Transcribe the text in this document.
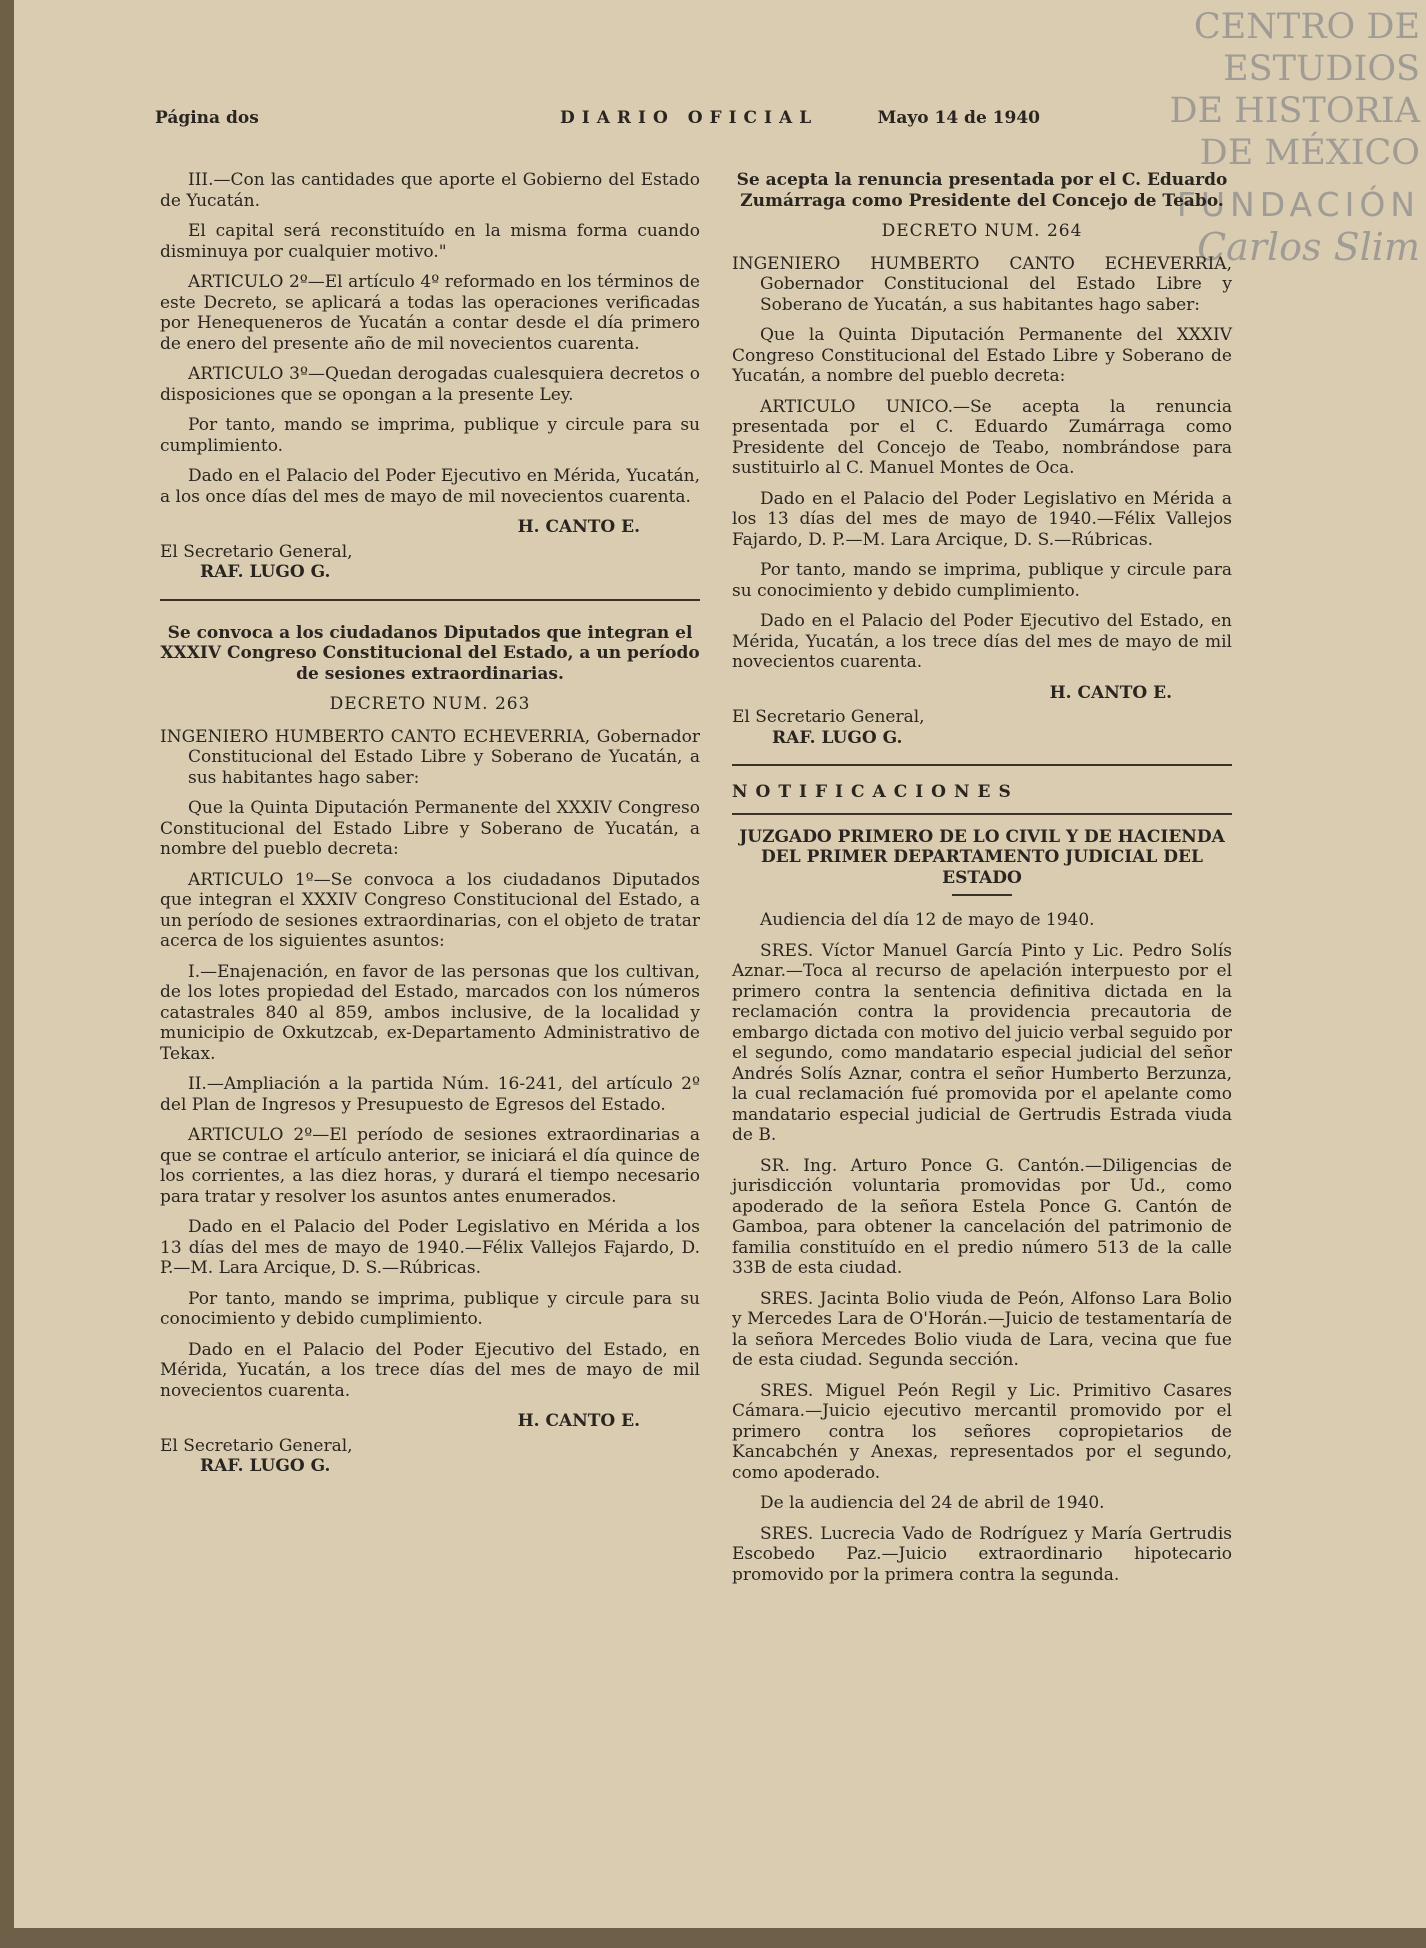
CENTRO DE
ESTUDIOS
DE HISTORIA
DE MÉXICO
FUNDACIÓN
Carlos Slim
Página dos	DIARIO OFICIAL	Mayo 14 de 1940

III.—Con las cantidades que aporte el Gobierno del Estado de Yucatán.

El capital será reconstituído en la misma forma cuando disminuya por cualquier motivo."

ARTICULO 2º—El artículo 4º reformado en los términos de este Decreto, se aplicará a todas las operaciones verificadas por Henequeneros de Yucatán a contar desde el día primero de enero del presente año de mil novecientos cuarenta.

ARTICULO 3º—Quedan derogadas cualesquiera decretos o disposiciones que se opongan a la presente Ley.

Por tanto, mando se imprima, publique y circule para su cumplimiento.

Dado en el Palacio del Poder Ejecutivo en Mérida, Yucatán, a los once días del mes de mayo de mil novecientos cuarenta.

H. CANTO E.

El Secretario General,

RAF. LUGO G.

Se convoca a los ciudadanos Diputados que integran el XXXIV Congreso Constitucional del Estado, a un período de sesiones extraordinarias.

DECRETO NUM. 263

INGENIERO HUMBERTO CANTO ECHEVERRIA, Gobernador Constitucional del Estado Libre y Soberano de Yucatán, a sus habitantes hago saber:

Que la Quinta Diputación Permanente del XXXIV Congreso Constitucional del Estado Libre y Soberano de Yucatán, a nombre del pueblo decreta:

ARTICULO 1º—Se convoca a los ciudadanos Diputados que integran el XXXIV Congreso Constitucional del Estado, a un período de sesiones extraordinarias, con el objeto de tratar acerca de los siguientes asuntos:

I.—Enajenación, en favor de las personas que los cultivan, de los lotes propiedad del Estado, marcados con los números catastrales 840 al 859, ambos inclusive, de la localidad y municipio de Oxkutzcab, ex-Departamento Administrativo de Tekax.

II.—Ampliación a la partida Núm. 16-241, del artículo 2º del Plan de Ingresos y Presupuesto de Egresos del Estado.

ARTICULO 2º—El período de sesiones extraordinarias a que se contrae el artículo anterior, se iniciará el día quince de los corrientes, a las diez horas, y durará el tiempo necesario para tratar y resolver los asuntos antes enumerados.

Dado en el Palacio del Poder Legislativo en Mérida a los 13 días del mes de mayo de 1940.—Félix Vallejos Fajardo, D. P.—M. Lara Arcique, D. S.—Rúbricas.

Por tanto, mando se imprima, publique y circule para su conocimiento y debido cumplimiento.

Dado en el Palacio del Poder Ejecutivo del Estado, en Mérida, Yucatán, a los trece días del mes de mayo de mil novecientos cuarenta.

H. CANTO E.

El Secretario General,

RAF. LUGO G.

Se acepta la renuncia presentada por el C. Eduardo Zumárraga como Presidente del Concejo de Teabo.

DECRETO NUM. 264

INGENIERO HUMBERTO CANTO ECHEVERRIA, Gobernador Constitucional del Estado Libre y Soberano de Yucatán, a sus habitantes hago saber:

Que la Quinta Diputación Permanente del XXXIV Congreso Constitucional del Estado Libre y Soberano de Yucatán, a nombre del pueblo decreta:

ARTICULO UNICO.—Se acepta la renuncia presentada por el C. Eduardo Zumárraga como Presidente del Concejo de Teabo, nombrándose para sustituirlo al C. Manuel Montes de Oca.

Dado en el Palacio del Poder Legislativo en Mérida a los 13 días del mes de mayo de 1940.—Félix Vallejos Fajardo, D. P.—M. Lara Arcique, D. S.—Rúbricas.

Por tanto, mando se imprima, publique y circule para su conocimiento y debido cumplimiento.

Dado en el Palacio del Poder Ejecutivo del Estado, en Mérida, Yucatán, a los trece días del mes de mayo de mil novecientos cuarenta.

H. CANTO E.

El Secretario General,

RAF. LUGO G.

NOTIFICACIONES

JUZGADO PRIMERO DE LO CIVIL Y DE HACIENDA DEL PRIMER DEPARTAMENTO JUDICIAL DEL ESTADO

Audiencia del día 12 de mayo de 1940.

SRES. Víctor Manuel García Pinto y Lic. Pedro Solís Aznar.—Toca al recurso de apelación interpuesto por el primero contra la sentencia definitiva dictada en la reclamación contra la providencia precautoria de embargo dictada con motivo del juicio verbal seguido por el segundo, como mandatario especial judicial del señor Andrés Solís Aznar, contra el señor Humberto Berzunza, la cual reclamación fué promovida por el apelante como mandatario especial judicial de Gertrudis Estrada viuda de B.

SR. Ing. Arturo Ponce G. Cantón.—Diligencias de jurisdicción voluntaria promovidas por Ud., como apoderado de la señora Estela Ponce G. Cantón de Gamboa, para obtener la cancelación del patrimonio de familia constituído en el predio número 513 de la calle 33B de esta ciudad.

SRES. Jacinta Bolio viuda de Peón, Alfonso Lara Bolio y Mercedes Lara de O'Horán.—Juicio de testamentaría de la señora Mercedes Bolio viuda de Lara, vecina que fue de esta ciudad. Segunda sección.

SRES. Miguel Peón Regil y Lic. Primitivo Casares Cámara.—Juicio ejecutivo mercantil promovido por el primero contra los señores copropietarios de Kancabchén y Anexas, representados por el segundo, como apoderado.

De la audiencia del 24 de abril de 1940.

SRES. Lucrecia Vado de Rodríguez y María Gertrudis Escobedo Paz.—Juicio extraordinario hipotecario promovido por la primera contra la segunda.
